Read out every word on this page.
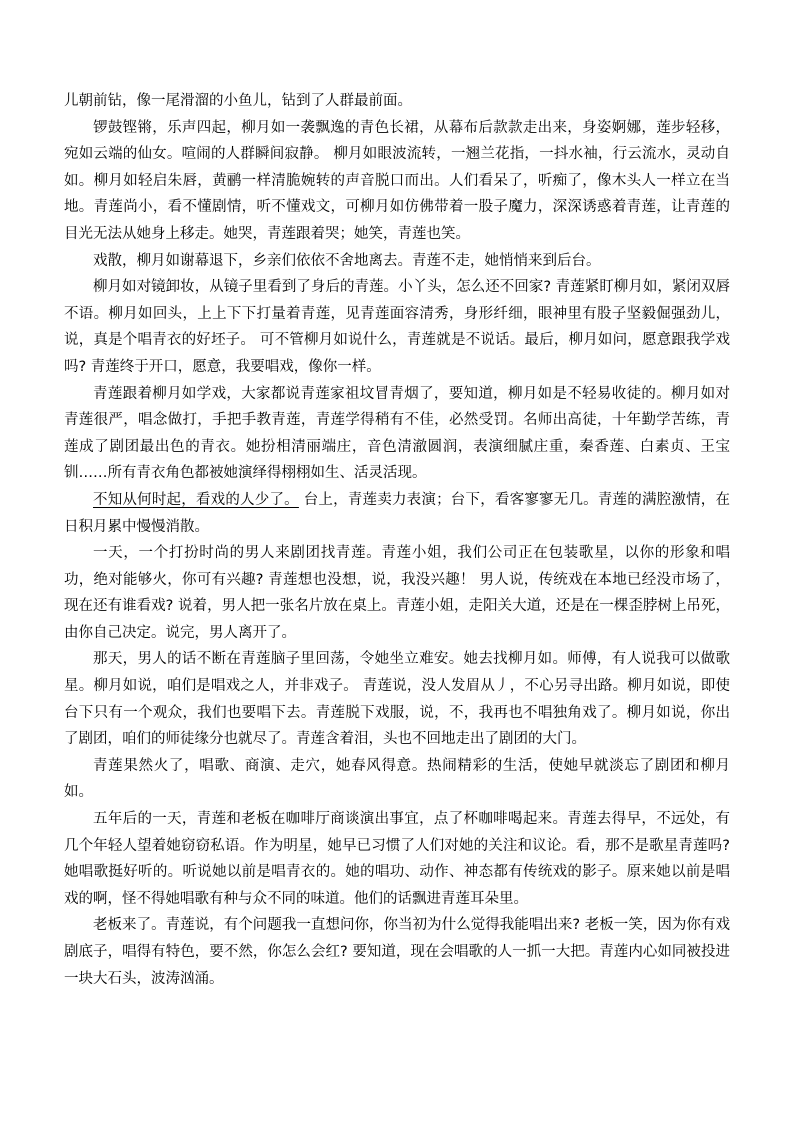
儿朝前钻，像一尾滑溜的小鱼儿，钻到了人群最前面。

锣鼓铿锵，乐声四起，柳月如一袭飘逸的青色长裙，从幕布后款款走出来，身姿婀娜，莲步轻移，宛如云端的仙女。喧闹的人群瞬间寂静。 柳月如眼波流转，一翘兰花指，一抖水袖，行云流水，灵动自如。柳月如轻启朱唇，黄鹂一样清脆婉转的声音脱口而出。人们看呆了，听痴了，像木头人一样立在当地。青莲尚小，看不懂剧情，听不懂戏文，可柳月如仿佛带着一股子魔力，深深诱惑着青莲，让青莲的目光无法从她身上移走。她哭，青莲跟着哭；她笑，青莲也笑。

戏散，柳月如谢幕退下，乡亲们依依不舍地离去。青莲不走，她悄悄来到后台。

柳月如对镜卸妆，从镜子里看到了身后的青莲。小丫头，怎么还不回家? 青莲紧盯柳月如，紧闭双唇不语。柳月如回头，上上下下打量着青莲，见青莲面容清秀，身形纤细，眼神里有股子坚毅倔强劲儿，说，真是个唱青衣的好坯子。 可不管柳月如说什么，青莲就是不说话。最后，柳月如问，愿意跟我学戏吗? 青莲终于开口，愿意，我要唱戏，像你一样。

青莲跟着柳月如学戏，大家都说青莲家祖坟冒青烟了，要知道，柳月如是不轻易收徒的。柳月如对青莲很严，唱念做打，手把手教青莲，青莲学得稍有不佳，必然受罚。名师出高徒，十年勤学苦练，青莲成了剧团最出色的青衣。她扮相清丽端庄，音色清澈圆润，表演细腻庄重，秦香莲、白素贞、王宝钏……所有青衣角色都被她演绎得栩栩如生、活灵活现。

不知从何时起，看戏的人少了。 台上，青莲卖力表演；台下，看客寥寥无几。青莲的满腔激情，在日积月累中慢慢消散。

一天，一个打扮时尚的男人来剧团找青莲。青莲小姐，我们公司正在包装歌星，以你的形象和唱功，绝对能够火，你可有兴趣? 青莲想也没想，说，我没兴趣！ 男人说，传统戏在本地已经没市场了，现在还有谁看戏? 说着，男人把一张名片放在桌上。青莲小姐，走阳关大道，还是在一棵歪脖树上吊死，由你自己决定。说完，男人离开了。

那天，男人的话不断在青莲脑子里回荡，令她坐立难安。她去找柳月如。师傅，有人说我可以做歌星。柳月如说，咱们是唱戏之人，并非戏子。 青莲说，没人发眉从丿，不心另寻出路。柳月如说，即使台下只有一个观众，我们也要唱下去。青莲脱下戏服，说，不，我再也不唱独角戏了。柳月如说，你出了剧团，咱们的师徒缘分也就尽了。青莲含着泪，头也不回地走出了剧团的大门。

青莲果然火了，唱歌、商演、走穴，她春风得意。热闹精彩的生活，使她早就淡忘了剧团和柳月如。

五年后的一天，青莲和老板在咖啡厅商谈演出事宜，点了杯咖啡喝起来。青莲去得早，不远处，有几个年轻人望着她窃窃私语。作为明星，她早已习惯了人们对她的关注和议论。看，那不是歌星青莲吗? 她唱歌挺好听的。听说她以前是唱青衣的。她的唱功、动作、神态都有传统戏的影子。原来她以前是唱戏的啊，怪不得她唱歌有种与众不同的味道。他们的话飘进青莲耳朵里。

老板来了。青莲说，有个问题我一直想问你，你当初为什么觉得我能唱出来? 老板一笑，因为你有戏剧底子，唱得有特色，要不然，你怎么会红? 要知道，现在会唱歌的人一抓一大把。青莲内心如同被投进一块大石头，波涛汹涌。
